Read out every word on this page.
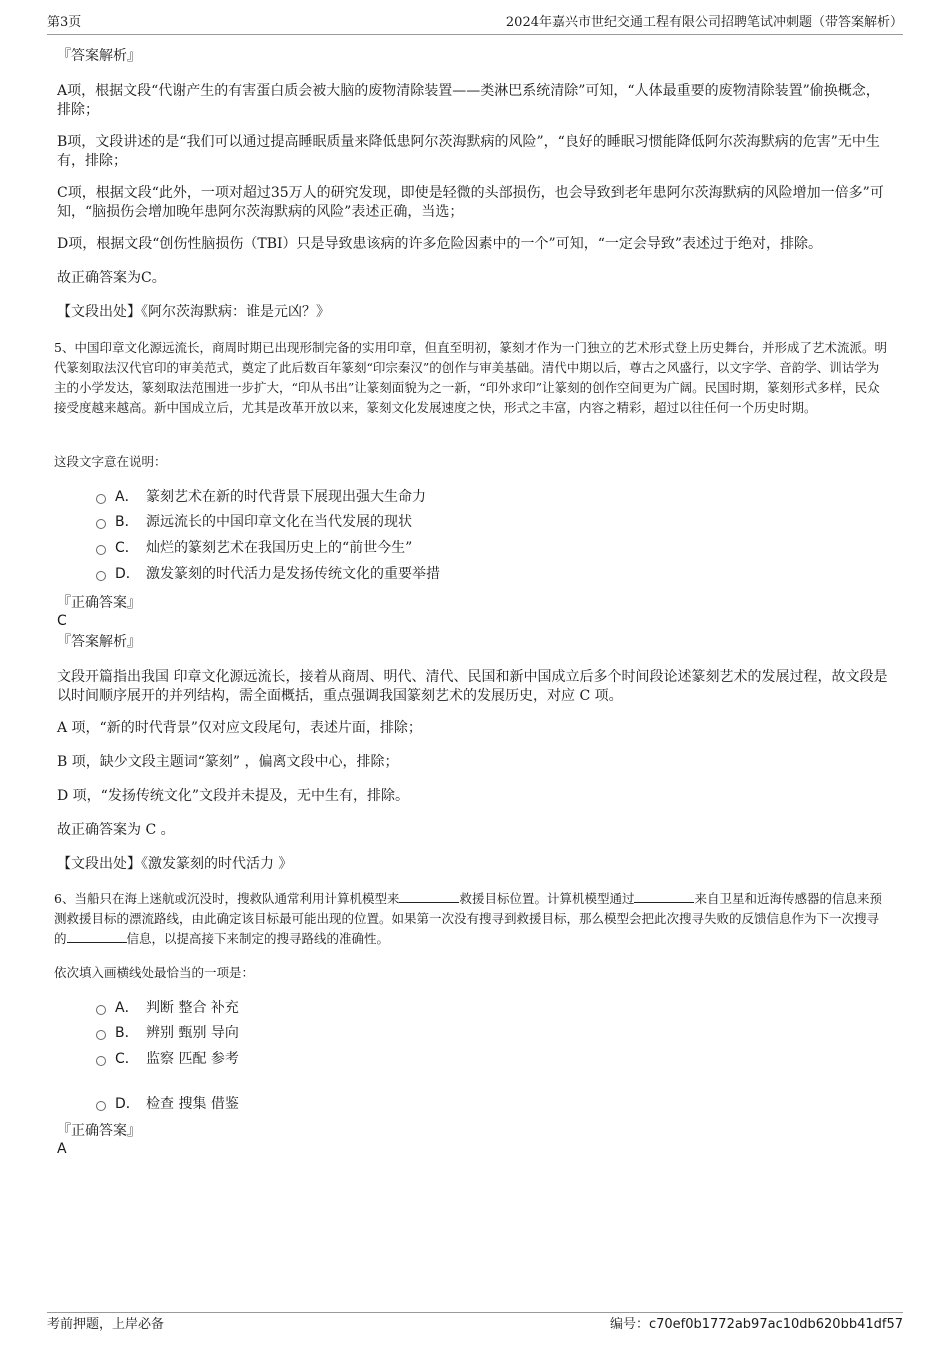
第3页	2024年嘉兴市世纪交通工程有限公司招聘笔试冲刺题（带答案解析）
『答案解析』
A项，根据文段“代谢产生的有害蛋白质会被大脑的废物清除装置——类淋巴系统清除”可知，“人体最重要的废物清除装置”偷换概念，排除；
B项，文段讲述的是“我们可以通过提高睡眠质量来降低患阿尔茨海默病的风险”，“良好的睡眠习惯能降低阿尔茨海默病的危害”无中生有，排除；
C项，根据文段“此外，一项对超过35万人的研究发现，即使是轻微的头部损伤，也会导致到老年患阿尔茨海默病的风险增加一倍多”可知，“脑损伤会增加晚年患阿尔茨海默病的风险”表述正确，当选；
D项，根据文段“创伤性脑损伤（TBI）只是导致患该病的许多危险因素中的一个”可知，“一定会导致”表述过于绝对，排除。
故正确答案为C。
【文段出处】《阿尔茨海默病：谁是元凶？》
5、中国印章文化源远流长，商周时期已出现形制完备的实用印章，但直至明初，篆刻才作为一门独立的艺术形式登上历史舞台，并形成了艺术流派。明代篆刻取法汉代官印的审美范式，奠定了此后数百年篆刻“印宗秦汉”的创作与审美基础。清代中期以后，尊古之风盛行，以文字学、音韵学、训诂学为主的小学发达，篆刻取法范围进一步扩大，“印从书出”让篆刻面貌为之一新，“印外求印”让篆刻的创作空间更为广阔。民国时期，篆刻形式多样，民众接受度越来越高。新中国成立后，尤其是改革开放以来，篆刻文化发展速度之快，形式之丰富，内容之精彩，超过以往任何一个历史时期。
这段文字意在说明：
A． 篆刻艺术在新的时代背景下展现出强大生命力
B． 源远流长的中国印章文化在当代发展的现状
C． 灿烂的篆刻艺术在我国历史上的“前世今生”
D． 激发篆刻的时代活力是发扬传统文化的重要举措
『正确答案』
C
『答案解析』
文段开篇指出我国 印章文化源远流长，接着从商周、明代、清代、民国和新中国成立后多个时间段论述篆刻艺术的发展过程，故文段是以时间顺序展开的并列结构，需全面概括，重点强调我国篆刻艺术的发展历史，对应 C 项。
A 项，“新的时代背景”仅对应文段尾句，表述片面，排除；
B 项，缺少文段主题词“篆刻” ，偏离文段中心，排除；
D 项，“发扬传统文化”文段并未提及，无中生有，排除。
故正确答案为 C 。
【文段出处】《激发篆刻的时代活力 》
6、当船只在海上迷航或沉没时，搜救队通常利用计算机模型来	救援目标位置。计算机模型通过	来自卫星和近海传感器的信息来预测救援目标的漂流路线，由此确定该目标最可能出现的位置。如果第一次没有搜寻到救援目标，那么模型会把此次搜寻失败的反馈信息作为下一次搜寻的	信息，以提高接下来制定的搜寻路线的准确性。
依次填入画横线处最恰当的一项是：
A． 判断 整合 补充
B． 辨别 甄别 导向
C． 监察 匹配 参考
D． 检查 搜集 借鉴
『正确答案』
A
考前押题，上岸必备	编号：c70ef0b1772ab97ac10db620bb41df57
